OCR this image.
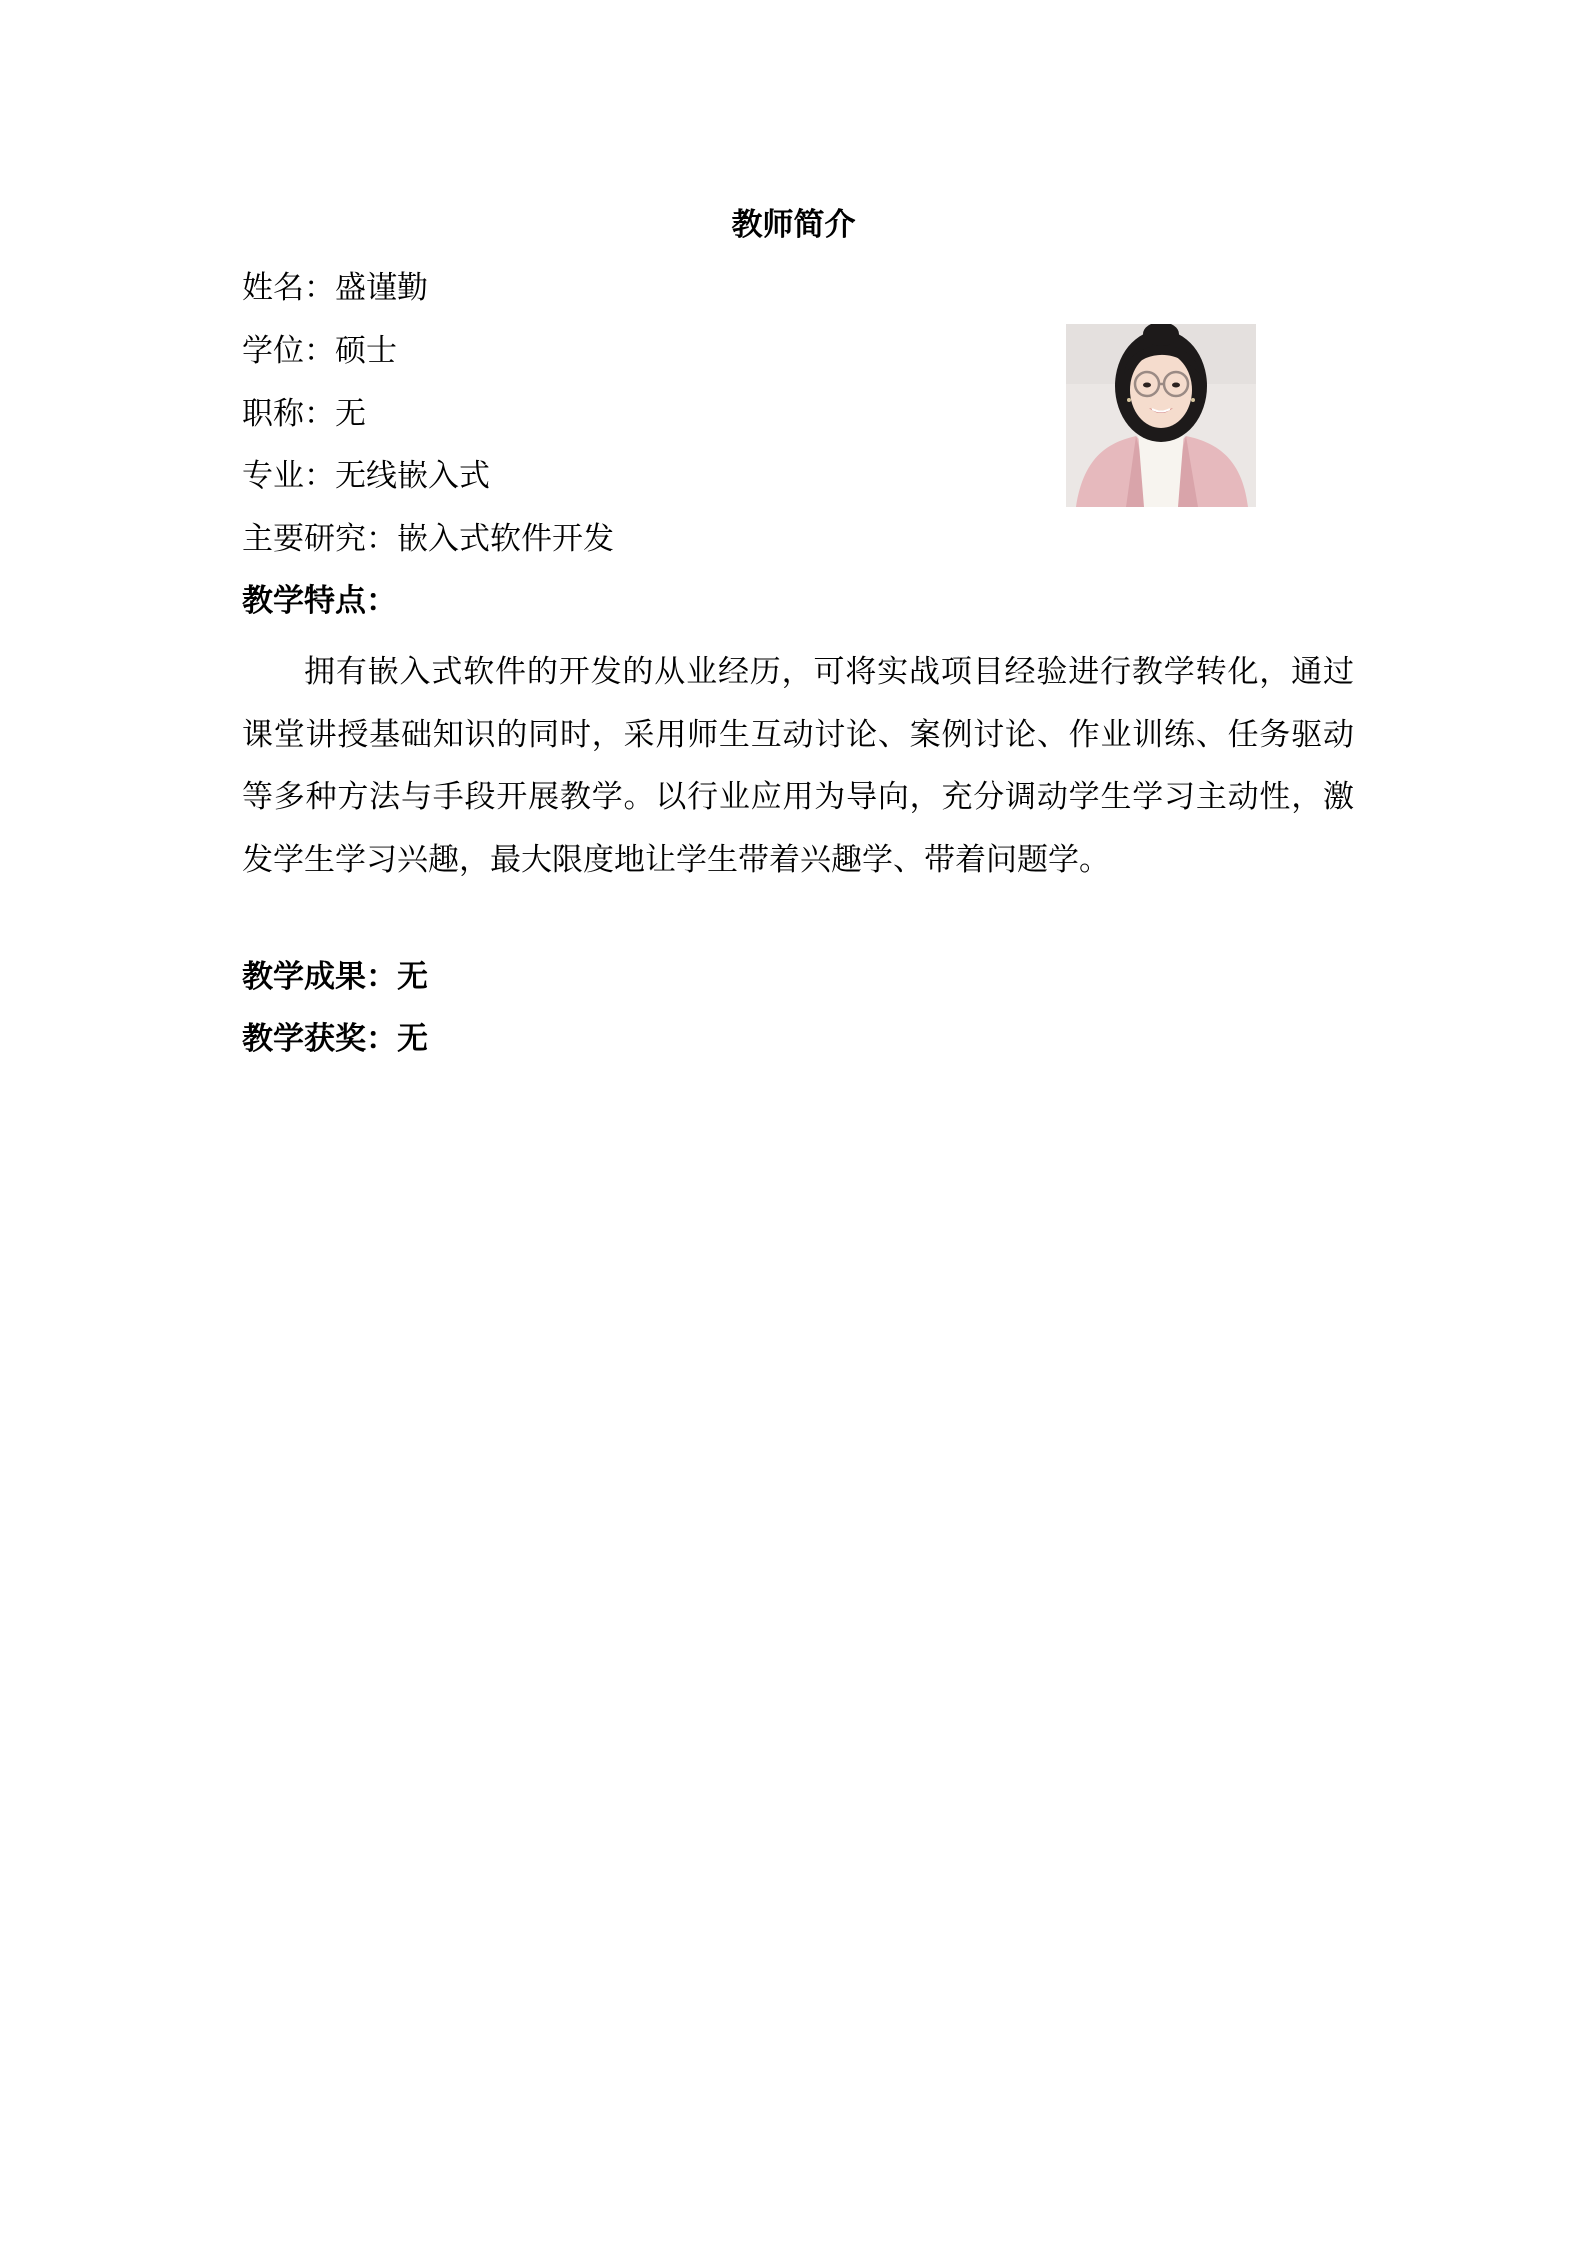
教师简介
姓名：盛谨勤
学位：硕士
职称：无
专业：无线嵌入式
主要研究：嵌入式软件开发
教学特点：
拥有嵌入式软件的开发的从业经历，可将实战项目经验进行教学转化，通过课堂讲授基础知识的同时，采用师生互动讨论、案例讨论、作业训练、任务驱动等多种方法与手段开展教学。以行业应用为导向，充分调动学生学习主动性，激发学生学习兴趣，最大限度地让学生带着兴趣学、带着问题学。
教学成果：无
教学获奖：无
